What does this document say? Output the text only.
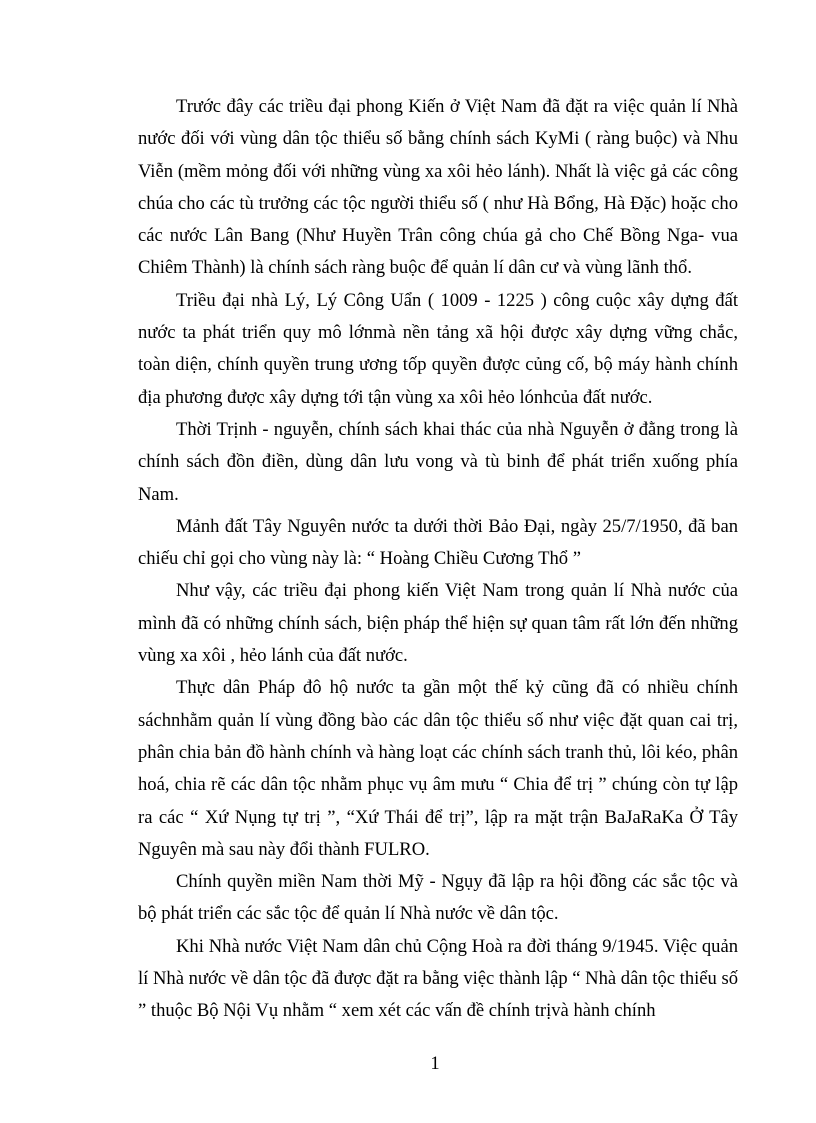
Trước đây các triều đại phong Kiến ở Việt Nam đã đặt ra việc quản lí Nhà nước đối với vùng dân tộc thiểu số bằng chính sách KyMi ( ràng buộc) và Nhu Viễn (mềm mỏng đối với những vùng xa xôi hẻo lánh). Nhất là việc gả các công chúa cho các tù trưởng các tộc người thiểu số ( như Hà Bổng, Hà Đặc) hoặc cho các nước Lân Bang (Như Huyền Trân công chúa gả cho Chế Bồng Nga- vua Chiêm Thành) là chính sách ràng buộc để quản lí dân cư và vùng lãnh thổ.

Triều đại nhà Lý, Lý Công Uẩn ( 1009 - 1225 ) công cuộc xây dựng đất nước ta phát triển quy mô lớnmà nền tảng xã hội được xây dựng vững chắc, toàn diện, chính quyền trung ương tốp quyền được củng cố, bộ máy hành chính địa phương được xây dựng tới tận vùng xa xôi hẻo lónhcủa đất nước.

Thời Trịnh - nguyễn, chính sách khai thác của nhà Nguyễn ở đằng trong là chính sách đồn điền, dùng dân lưu vong và tù binh để phát triển xuống phía Nam.

Mảnh đất Tây Nguyên nước ta dưới thời Bảo Đại, ngày 25/7/1950, đã ban chiếu chỉ gọi cho vùng này là: “ Hoàng Chiều Cương Thổ ”

Như vậy, các triều đại phong kiến Việt Nam trong quản lí Nhà nước của mình đã có những chính sách, biện pháp thể hiện sự quan tâm rất lớn đến những vùng xa xôi , hẻo lánh của đất nước.

Thực dân Pháp đô hộ nước ta gần một thế kỷ cũng đã có nhiều chính sáchnhằm quản lí vùng đồng bào các dân tộc thiểu số như việc đặt quan cai trị, phân chia bản đồ hành chính và hàng loạt các chính sách tranh thủ, lôi kéo, phân hoá, chia rẽ các dân tộc nhằm phục vụ âm mưu “ Chia để trị ” chúng còn tự lập ra các “ Xứ Nụng tự trị ”, “Xứ Thái để trị”, lập ra mặt trận BaJaRaKa Ở Tây Nguyên mà sau này đổi thành FULRO.

Chính quyền miền Nam thời Mỹ - Ngụy đã lập ra hội đồng các sắc tộc và bộ phát triển các sắc tộc để quản lí Nhà nước về dân tộc.

Khi Nhà nước Việt Nam dân chủ Cộng Hoà ra đời tháng 9/1945. Việc quản lí Nhà nước về dân tộc đã được đặt ra bằng việc thành lập “ Nhà dân tộc thiểu số ” thuộc Bộ Nội Vụ nhằm “ xem xét các vấn đề chính trịvà hành chính

1
